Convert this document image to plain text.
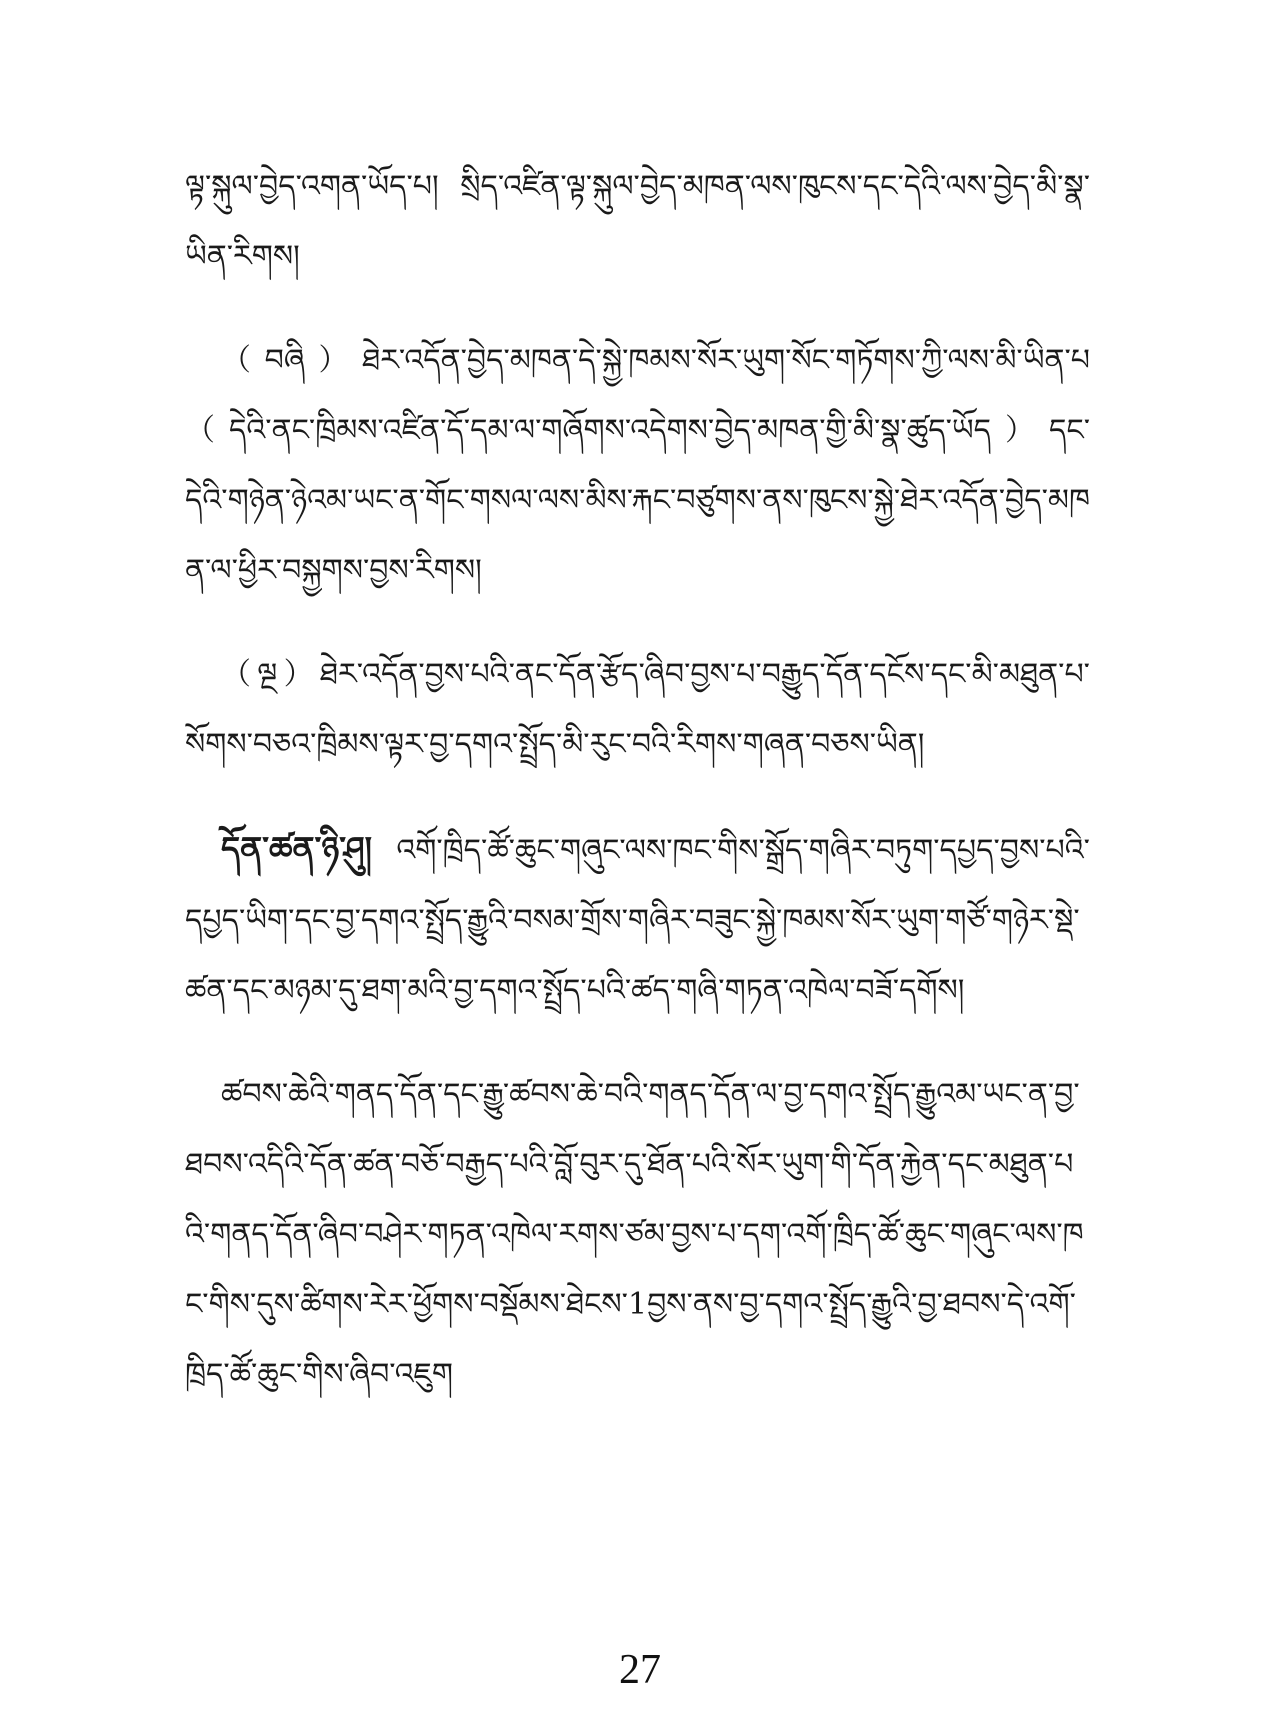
ལྟ་སྐུལ་བྱེད་འགན་ཡོད་པ། སྲིད་འཛིན་ལྟ་སྐུལ་བྱེད་མཁན་ལས་ཁུངས་དང་དེའི་ལས་བྱེད་མི་སྣ་ཡིན་རིགས།

（བཞི）ཐེར་འདོན་བྱེད་མཁན་དེ་སྐྱེ་ཁམས་སོར་ཡུག་སོང་གཏོགས་ཀྱི་ལས་མི་ཡིན་པ（དེའི་ནང་ཁྲིམས་འཛིན་དོ་དམ་ལ་གཞོགས་འདེགས་བྱེད་མཁན་གྱི་མི་སྣ་ཚུད་ཡོད）དང་དེའི་གཉེན་ཉེའམ་ཡང་ན་གོང་གསལ་ལས་མིས་རྐང་བཙུགས་ནས་ཁུངས་སྐྱེ་ཐེར་འདོན་བྱེད་མཁན་ལ་ཕྱིར་བསྐྱགས་བྱས་རིགས།

（ལྔ）ཐེར་འདོན་བྱས་པའི་ནང་དོན་རྩོད་ཞིབ་བྱས་པ་བརྒྱུད་དོན་དངོས་དང་མི་མཐུན་པ་སོགས་བཅའ་ཁྲིམས་ལྟར་བྱ་དགའ་སྤྲོད་མི་རུང་བའི་རིགས་གཞན་བཅས་ཡིན།

དོན་ཚན་ཉི་ཤུ། འགོ་ཁྲིད་ཚོ་ཆུང་གཞུང་ལས་ཁང་གིས་སྒྲོད་གཞིར་བཏུག་དཔྱད་བྱས་པའི་དཔྱད་ཡིག་དང་བྱ་དགའ་སྤྲོད་རྒྱུའི་བསམ་གྲོས་གཞིར་བཟུང་སྐྱེ་ཁམས་སོར་ཡུག་གཙོ་གཉེར་སྡེ་ཚན་དང་མཉམ་དུ་ཐག་མའི་བྱ་དགའ་སྤྲོད་པའི་ཚད་གཞི་གཏན་འཁེལ་བཟོ་དགོས།

ཚབས་ཆེའི་གནད་དོན་དང་རྒྱུ་ཚབས་ཆེ་བའི་གནད་དོན་ལ་བྱ་དགའ་སྤྲོད་རྒྱུའམ་ཡང་ན་བྱ་ཐབས་འདིའི་དོན་ཚན་བཅོ་བརྒྱད་པའི་བློ་བུར་དུ་ཐོན་པའི་སོར་ཡུག་གི་དོན་རྐྱེན་དང་མཐུན་པའི་གནད་དོན་ཞིབ་བཤེར་གཏན་འཁེལ་རགས་ཙམ་བྱས་པ་དག་འགོ་ཁྲིད་ཚོ་ཆུང་གཞུང་ལས་ཁང་གིས་དུས་ཚིགས་རེར་ཕྱོགས་བསྡོམས་ཐེངས་1བྱས་ནས་བྱ་དགའ་སྤྲོད་རྒྱུའི་བྱ་ཐབས་དེ་འགོ་ཁྲིད་ཚོ་ཆུང་གིས་ཞིབ་འཇུག

27
